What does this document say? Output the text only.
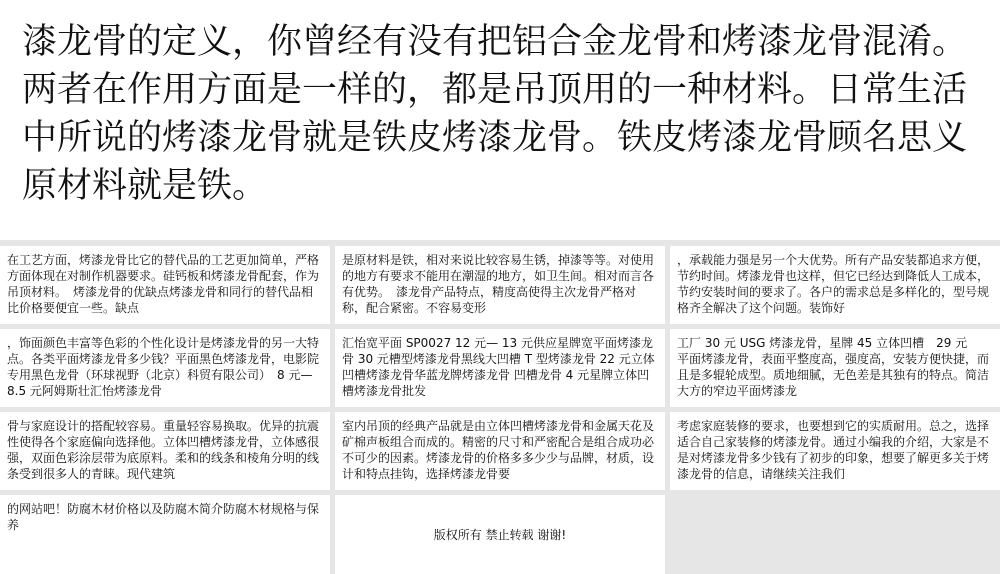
漆龙骨的定义，你曾经有没有把铝合金龙骨和烤漆龙骨混淆。两者在作用方面是一样的，都是吊顶用的一种材料。日常生活中所说的烤漆龙骨就是铁皮烤漆龙骨。铁皮烤漆龙骨顾名思义原材料就是铁。

在工艺方面，烤漆龙骨比它的替代品的工艺更加简单，严格方面体现在对制作机器要求。硅钙板和烤漆龙骨配套，作为吊顶材料。　烤漆龙骨的优缺点烤漆龙骨和同行的替代品相比价格要便宜一些。缺点
是原材料是铁，相对来说比较容易生锈，掉漆等等。对使用的地方有要求不能用在潮湿的地方，如卫生间。相对而言各有优势。　漆龙骨产品特点，精度高使得主次龙骨严格对称，配合紧密。不容易变形
，承载能力强是另一个大优势。所有产品安装都追求方便，节约时间。烤漆龙骨也这样，但它已经达到降低人工成本，节约安装时间的要求了。各户的需求总是多样化的，型号规格齐全解决了这个问题。装饰好
，饰面颜色丰富等色彩的个性化设计是烤漆龙骨的另一大特点。各类平面烤漆龙骨多少钱？平面黑色烤漆龙骨，电影院专用黑色龙骨（环球视野（北京）科贸有限公司）　8 元— 8.5 元阿姆斯壮汇怡烤漆龙骨
汇怡宽平面 SP0027 12 元— 13 元供应星牌宽平面烤漆龙骨 30 元槽型烤漆龙骨黑线大凹槽 T 型烤漆龙骨 22 元立体凹槽烤漆龙骨华蓝龙牌烤漆龙骨 凹槽龙骨 4 元星牌立体凹槽烤漆龙骨批发
工厂 30 元 USG 烤漆龙骨，星牌 45 立体凹槽　29 元　 平面烤漆龙骨，表面平整度高，强度高，安装方便快捷，而且是多辊轮成型。质地细腻，无色差是其独有的特点。简洁大方的窄边平面烤漆龙
骨与家庭设计的搭配较容易。重量轻容易换取。优异的抗震性使得各个家庭偏向选择他。立体凹槽烤漆龙骨，立体感很强，双面色彩涂层带为底原料。柔和的线条和棱角分明的线条受到很多人的青睐。现代建筑
室内吊顶的经典产品就是由立体凹槽烤漆龙骨和金属天花及矿棉声板组合而成的。精密的尺寸和严密配合是组合成功必不可少的因素。烤漆龙骨的价格多多少少与品牌，材质，设计和特点挂钩，选择烤漆龙骨要
考虑家庭装修的要求，也要想到它的实质耐用。总之，选择适合自己家装修的烤漆龙骨。通过小编我的介绍，大家是不是对烤漆龙骨多少钱有了初步的印象，想要了解更多关于烤漆龙骨的信息，请继续关注我们
的网站吧！防腐木材价格以及防腐木简介防腐木材规格与保养
版权所有 禁止转载 谢谢!
